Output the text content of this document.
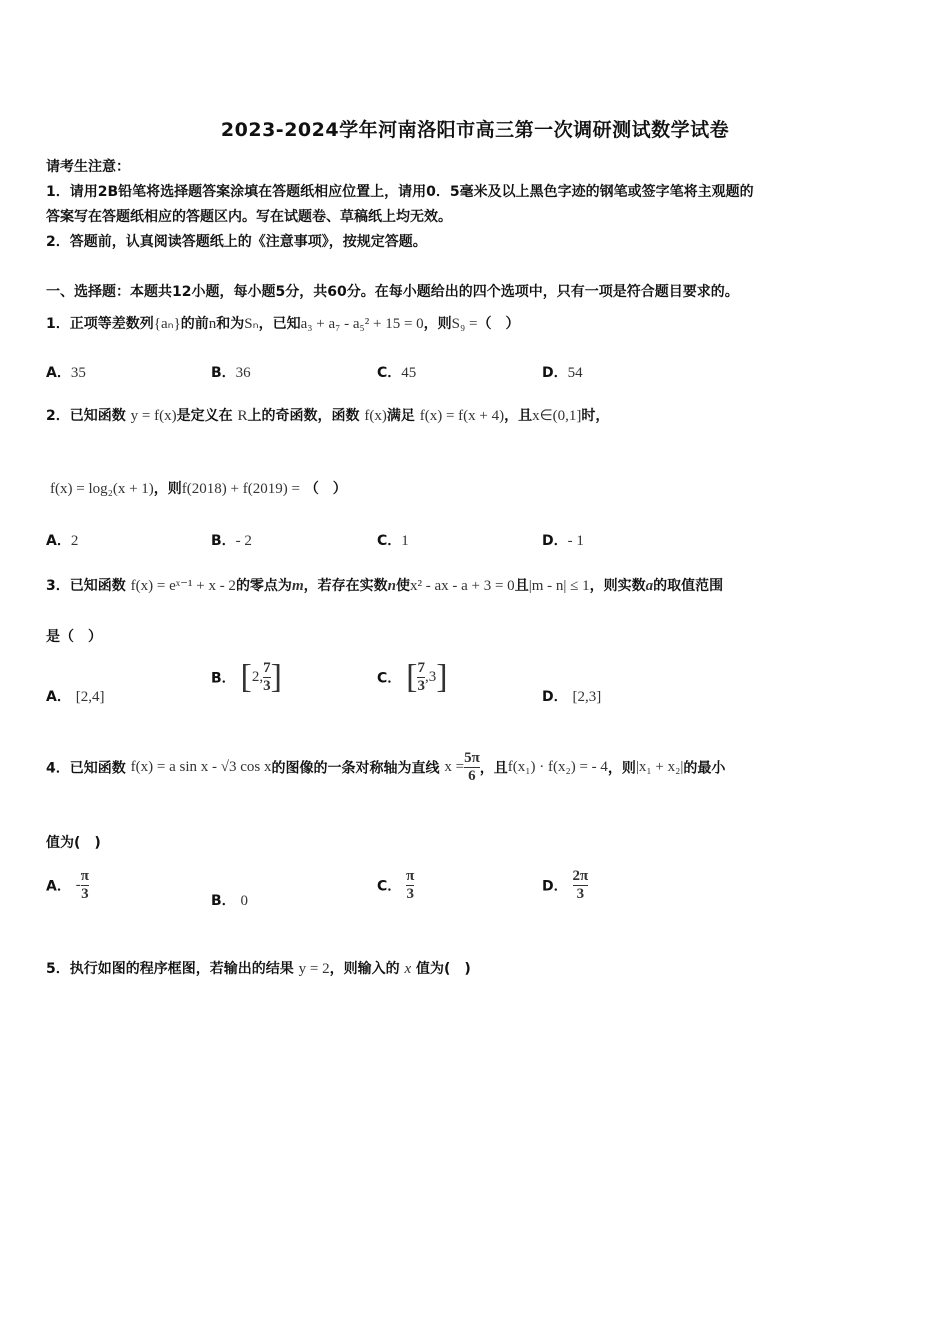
2023-2024学年河南洛阳市高三第一次调研测试数学试卷
请考生注意：
1．请用2B铅笔将选择题答案涂填在答题纸相应位置上，请用0．5毫米及以上黑色字迹的钢笔或签字笔将主观题的
答案写在答题纸相应的答题区内。写在试题卷、草稿纸上均无效。
2．答题前，认真阅读答题纸上的《注意事项》，按规定答题。
一、选择题：本题共12小题，每小题5分，共60分。在每小题给出的四个选项中，只有一项是符合题目要求的。
1．正项等差数列{aₙ}的前n和为Sₙ，已知a₃ + a₇ - a₅² + 15 = 0，则S₉ =（　）
A．35	B．36	C．45	D．54
2．已知函数 y = f(x)是定义在 R上的奇函数，函数 f(x)满足 f(x) = f(x + 4)，且x∈(0,1]时，
f(x) = log₂(x + 1)，则f(2018) + f(2019) = （　）
A．2	B．- 2	C．1	D．- 1
3．已知函数 f(x) = eˣ⁻¹ + x - 2的零点为m，若存在实数n使x² - ax - a + 3 = 0且|m - n| ≤ 1，则实数a的取值范围
是（　）
A． [2,4]
B． [2, $\frac{7}{3}$ ]	C． [ $\frac{7}{3} ,3$]
D． [2,3]
4．已知函数 f(x) = a sin x - √3 cos x的图像的一条对称轴为直线 $x = \frac{5\pi}{6}$ ，且f(x₁) · f(x₂) = - 4，则|x₁ + x₂|的最小
值为(　)
A． - $\frac{\pi}{3}$	B． 0
C． $\frac{\pi}{3}$	D． $\frac{2\pi}{3}$
5．执行如图的程序框图，若输出的结果 y = 2，则输入的 x 值为(　)
